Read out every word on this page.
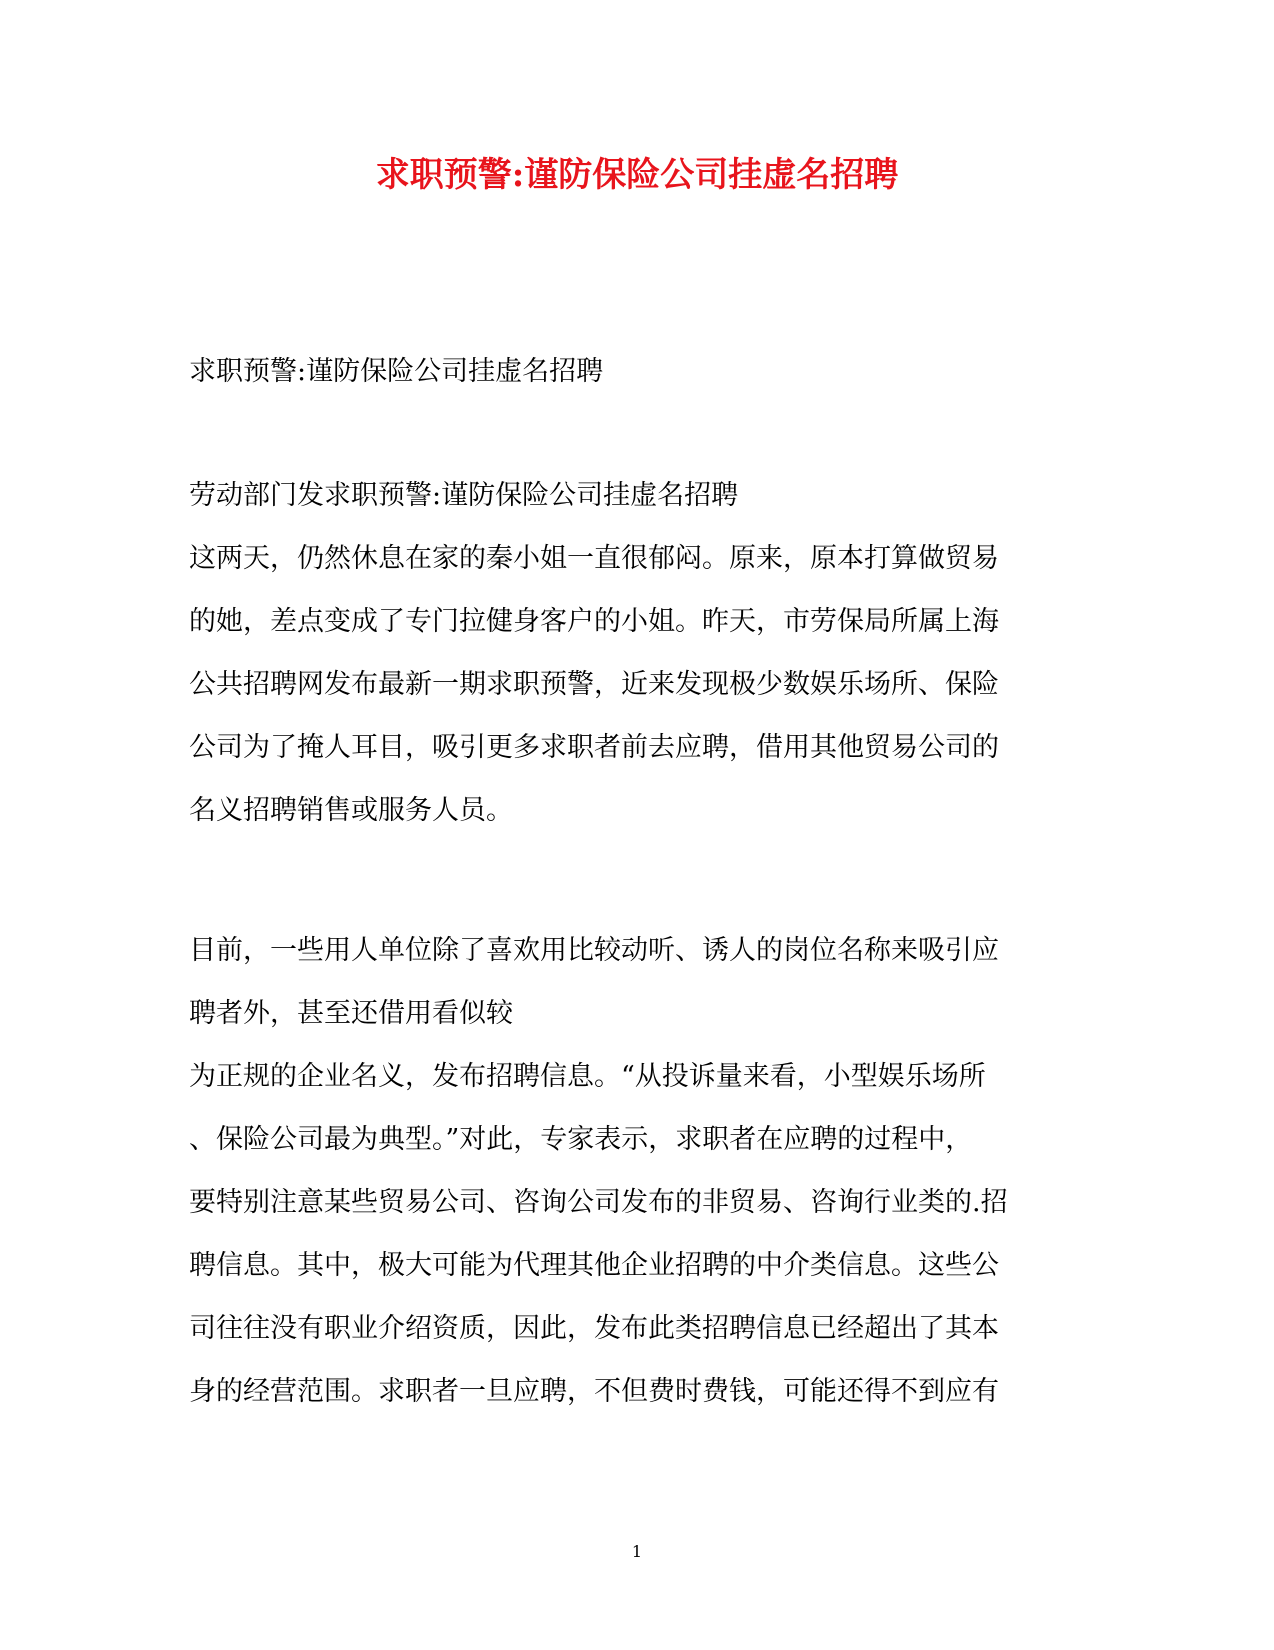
求职预警:谨防保险公司挂虚名招聘
求职预警:谨防保险公司挂虚名招聘
劳动部门发求职预警:谨防保险公司挂虚名招聘
这两天，仍然休息在家的秦小姐一直很郁闷。原来，原本打算做贸易
的她，差点变成了专门拉健身客户的小姐。昨天，市劳保局所属上海
公共招聘网发布最新一期求职预警，近来发现极少数娱乐场所、保险
公司为了掩人耳目，吸引更多求职者前去应聘，借用其他贸易公司的
名义招聘销售或服务人员。
目前，一些用人单位除了喜欢用比较动听、诱人的岗位名称来吸引应
聘者外，甚至还借用看似较
为正规的企业名义，发布招聘信息。“从投诉量来看，小型娱乐场所
、保险公司最为典型。”对此，专家表示，求职者在应聘的过程中，
要特别注意某些贸易公司、咨询公司发布的非贸易、咨询行业类的.招
聘信息。其中，极大可能为代理其他企业招聘的中介类信息。这些公
司往往没有职业介绍资质，因此，发布此类招聘信息已经超出了其本
身的经营范围。求职者一旦应聘，不但费时费钱，可能还得不到应有
1
